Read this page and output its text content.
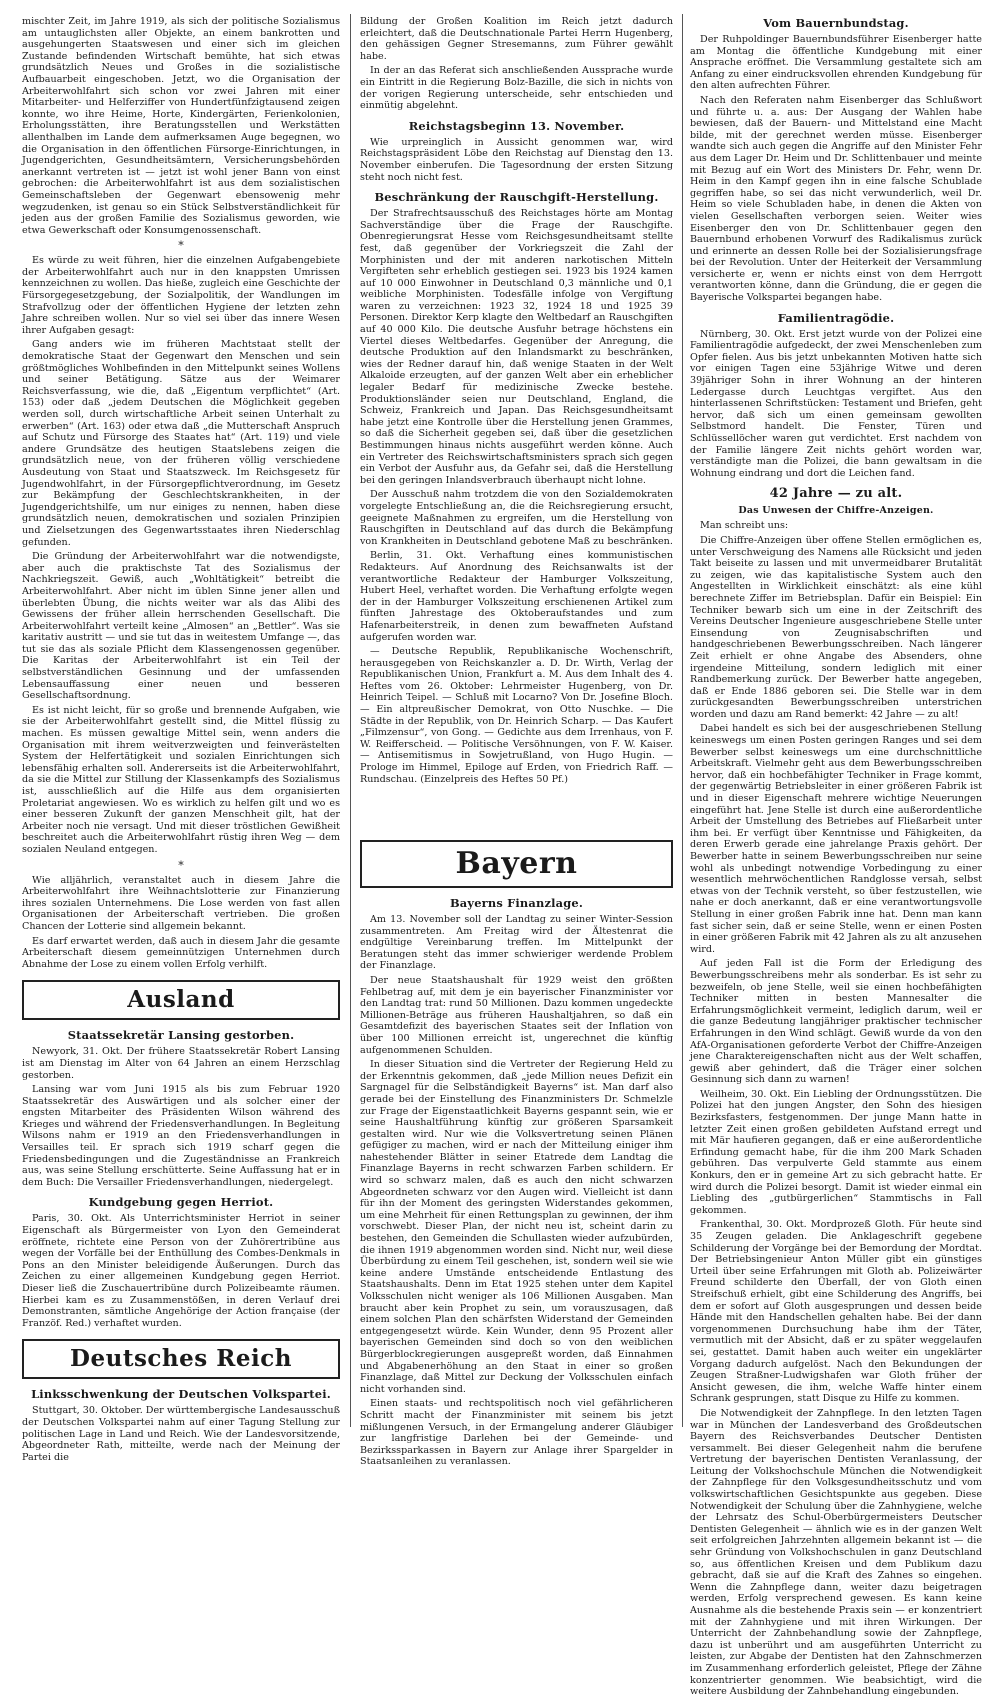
mischter Zeit, im Jahre 1919, als sich der politische Sozialismus am untauglichsten aller Objekte, an einem bankrotten und ausgehungerten Staatswesen und einer sich im gleichen Zustande befindenden Wirtschaft bemühte, hat sich etwas grundsätzlich Neues und Großes in die sozialistische Aufbauarbeit eingeschoben. Jetzt, wo die Organisation der Arbeiterwohlfahrt sich schon vor zwei Jahren mit einer Mitarbeiter- und Helferziffer von Hundertfünfzigtausend zeigen konnte, wo ihre Heime, Horte, Kindergärten, Ferienkolonien, Erholungsstätten, ihre Beratungsstellen und Werkstätten allenthalben im Lande dem aufmerksamen Auge begegnen, wo die Organisation in den öffentlichen Fürsorge-Einrichtungen, in Jugendgerichten, Gesundheitsämtern, Versicherungsbehörden anerkannt vertreten ist — jetzt ist wohl jener Bann von einst gebrochen: die Arbeiterwohlfahrt ist aus dem sozialistischen Gemeinschaftsleben der Gegenwart ebensowenig mehr wegzudenken, ist genau so ein Stück Selbstverständlichkeit für jeden aus der großen Familie des Sozialismus geworden, wie etwa Gewerkschaft oder Konsumgenossenschaft.

*

Es würde zu weit führen, hier die einzelnen Aufgabengebiete der Arbeiterwohlfahrt auch nur in den knappsten Umrissen kennzeichnen zu wollen. Das hieße, zugleich eine Geschichte der Fürsorgegesetzgebung, der Sozialpolitik, der Wandlungen im Strafvollzug oder der öffentlichen Hygiene der letzten zehn Jahre schreiben wollen. Nur so viel sei über das innere Wesen ihrer Aufgaben gesagt:

Gang anders wie im früheren Machtstaat stellt der demokratische Staat der Gegenwart den Menschen und sein größtmögliches Wohlbefinden in den Mittelpunkt seines Wollens und seiner Betätigung. Sätze aus der Weimarer Reichsverfassung, wie die, daß „Eigentum verpflichtet“ (Art. 153) oder daß „jedem Deutschen die Möglichkeit gegeben werden soll, durch wirtschaftliche Arbeit seinen Unterhalt zu erwerben“ (Art. 163) oder etwa daß „die Mutterschaft Anspruch auf Schutz und Fürsorge des Staates hat“ (Art. 119) und viele andere Grundsätze des heutigen Staatslebens zeigen die grundsätzlich neue, von der früheren völlig verschiedene Ausdeutung von Staat und Staatszweck. Im Reichsgesetz für Jugendwohlfahrt, in der Fürsorgepflichtverordnung, im Gesetz zur Bekämpfung der Geschlechtskrankheiten, in der Jugendgerichtshilfe, um nur einiges zu nennen, haben diese grundsätzlich neuen, demokratischen und sozialen Prinzipien und Zielsetzungen des Gegenwartsstaates ihren Niederschlag gefunden.

Die Gründung der Arbeiterwohlfahrt war die notwendigste, aber auch die praktischste Tat des Sozialismus der Nachkriegszeit. Gewiß, auch „Wohltätigkeit“ betreibt die Arbeiterwohlfahrt. Aber nicht im üblen Sinne jener allen und überlebten Übung, die nichts weiter war als das Alibi des Gewissens der früher allein herrschenden Gesellschaft. Die Arbeiterwohlfahrt verteilt keine „Almosen“ an „Bettler“. Was sie karitativ austritt — und sie tut das in weitestem Umfange —, das tut sie das als soziale Pflicht dem Klassengenossen gegenüber. Die Karitas der Arbeiterwohlfahrt ist ein Teil der selbstverständlichen Gesinnung und der umfassenden Lebensauffassung einer neuen und besseren Gesellschaftsordnung.

Es ist nicht leicht, für so große und brennende Aufgaben, wie sie der Arbeiterwohlfahrt gestellt sind, die Mittel flüssig zu machen. Es müssen gewaltige Mittel sein, wenn anders die Organisation mit ihrem weitverzweigten und feinverästelten System der Helfertätigkeit und sozialen Einrichtungen sich lebensfähig erhalten soll. Andererseits ist die Arbeiterwohlfahrt, da sie die Mittel zur Stillung der Klassenkampfs des Sozialismus ist, ausschließlich auf die Hilfe aus dem organisierten Proletariat angewiesen. Wo es wirklich zu helfen gilt und wo es einer besseren Zukunft der ganzen Menschheit gilt, hat der Arbeiter noch nie versagt. Und mit dieser tröstlichen Gewißheit beschreitet auch die Arbeiterwohlfahrt rüstig ihren Weg — dem sozialen Neuland entgegen.

*

Wie alljährlich, veranstaltet auch in diesem Jahre die Arbeiterwohlfahrt ihre Weihnachtslotterie zur Finanzierung ihres sozialen Unternehmens. Die Lose werden von fast allen Organisationen der Arbeiterschaft vertrieben. Die großen Chancen der Lotterie sind allgemein bekannt.

Es darf erwartet werden, daß auch in diesem Jahr die gesamte Arbeiterschaft diesem gemeinnützigen Unternehmen durch Abnahme der Lose zu einem vollen Erfolg verhilft.

Ausland
Staatssekretär Lansing gestorben.

Newyork, 31. Okt. Der frühere Staatssekretär Robert Lansing ist am Dienstag im Alter von 64 Jahren an einem Herzschlag gestorben.

Lansing war vom Juni 1915 als bis zum Februar 1920 Staatssekretär des Auswärtigen und als solcher einer der engsten Mitarbeiter des Präsidenten Wilson während des Krieges und während der Friedensverhandlungen. In Begleitung Wilsons nahm er 1919 an den Friedensverhandlungen in Versailles teil. Er sprach sich 1919 scharf gegen die Friedensbedingungen und die Zugeständnisse an Frankreich aus, was seine Stellung erschütterte. Seine Auffassung hat er in dem Buch: Die Versailler Friedensverhandlungen, niedergelegt.

Kundgebung gegen Herriot.

Paris, 30. Okt. Als Unterrichtsminister Herriot in seiner Eigenschaft als Bürgermeister von Lyon den Gemeinderat eröffnete, richtete eine Person von der Zuhörertribüne aus wegen der Vorfälle bei der Enthüllung des Combes-Denkmals in Pons an den Minister beleidigende Äußerungen. Durch das Zeichen zu einer allgemeinen Kundgebung gegen Herriot. Dieser ließ die Zuschauertribüne durch Polizeibeamte räumen. Hierbei kam es zu Zusammenstößen, in deren Verlauf drei Demonstranten, sämtliche Angehörige der Action française (der Franzöf. Red.) verhaftet wurden.

Deutsches Reich
Linksschwenkung der Deutschen Volkspartei.

Stuttgart, 30. Oktober. Der württembergische Landesausschuß der Deutschen Volkspartei nahm auf einer Tagung Stellung zur politischen Lage in Land und Reich. Wie der Landesvorsitzende, Abgeordneter Rath, mitteilte, werde nach der Meinung der Partei die

Bildung der Großen Koalition im Reich jetzt dadurch erleichtert, daß die Deutschnationale Partei Herrn Hugenberg, den gehässigen Gegner Stresemanns, zum Führer gewählt habe.

In der an das Referat sich anschließenden Aussprache wurde ein Eintritt in die Regierung Bolz-Bazille, die sich in nichts von der vorigen Regierung unterscheide, sehr entschieden und einmütig abgelehnt.

Reichstagsbeginn 13. November.

Wie urpreinglich in Aussicht genommen war, wird Reichstagspräsident Löbe den Reichstag auf Dienstag den 13. November einberufen. Die Tagesordnung der ersten Sitzung steht noch nicht fest.

Beschränkung der Rauschgift-Herstellung.

Der Strafrechtsausschuß des Reichstages hörte am Montag Sachverständige über die Frage der Rauschgifte. Obenregierungsrat Hesse vom Reichsgesundheitsamt stellte fest, daß gegenüber der Vorkriegszeit die Zahl der Morphinisten und der mit anderen narkotischen Mitteln Vergifteten sehr erheblich gestiegen sei. 1923 bis 1924 kamen auf 10 000 Einwohner in Deutschland 0,3 männliche und 0,1 weibliche Morphinisten. Todesfälle infolge von Vergiftung waren zu verzeichnen: 1923 32, 1924 18 und 1925 39 Personen. Direktor Kerp klagte den Weltbedarf an Rauschgiften auf 40 000 Kilo. Die deutsche Ausfuhr betrage höchstens ein Viertel dieses Weltbedarfes. Gegenüber der Anregung, die deutsche Produktion auf den Inlandsmarkt zu beschränken, wies der Redner darauf hin, daß wenige Staaten in der Welt Alkaloide erzeugten, auf der ganzen Welt aber ein erheblicher legaler Bedarf für medizinische Zwecke bestehe. Produktionsländer seien nur Deutschland, England, die Schweiz, Frankreich und Japan. Das Reichsgesundheitsamt habe jetzt eine Kontrolle über die Herstellung jenen Grammes, so daß die Sicherheit gegeben sei, daß über die gesetzlichen Bestimmungen hinaus nichts ausgeführt werden könne. Auch ein Vertreter des Reichswirtschaftsministers sprach sich gegen ein Verbot der Ausfuhr aus, da Gefahr sei, daß die Herstellung bei den geringen Inlandsverbrauch überhaupt nicht lohne.

Der Ausschuß nahm trotzdem die von den Sozialdemokraten vorgelegte Entschließung an, die die Reichsregierung ersucht, geeignete Maßnahmen zu ergreifen, um die Herstellung von Rauschgiften in Deutschland auf das durch die Bekämpfung von Krankheiten in Deutschland gebotene Maß zu beschränken.

Berlin, 31. Okt. Verhaftung eines kommunistischen Redakteurs. Auf Anordnung des Reichsanwalts ist der verantwortliche Redakteur der Hamburger Volkszeitung, Hubert Heel, verhaftet worden. Die Verhaftung erfolgte wegen der in der Hamburger Volkszeitung erschienenen Artikel zum fünften Jahrestage des Oktoberaufstandes und zum Hafenarbeiterstreik, in denen zum bewaffneten Aufstand aufgerufen worden war.

— Deutsche Republik, Republikanische Wochenschrift, herausgegeben von Reichskanzler a. D. Dr. Wirth, Verlag der Republikanischen Union, Frankfurt a. M. Aus dem Inhalt des 4. Heftes vom 26. Oktober: Lehrmeister Hugenberg, von Dr. Heinrich Teipel. — Schluß mit Locarno? Von Dr. Josefine Bloch. — Ein altpreußischer Demokrat, von Otto Nuschke. — Die Städte in der Republik, von Dr. Heinrich Scharp. — Das Kaufert „Filmzensur“, von Gong. — Gedichte aus dem Irrenhaus, von F. W. Reifferscheid. — Politische Versöhnungen, von F. W. Kaiser. — Antisemitismus in Sowjetrußland, von Hugo Hugin. — Prologe im Himmel, Epiloge auf Erden, von Friedrich Raff. — Rundschau. (Einzelpreis des Heftes 50 Pf.)

Bayern
Bayerns Finanzlage.

Am 13. November soll der Landtag zu seiner Winter-Session zusammentreten. Am Freitag wird der Ältestenrat die endgültige Vereinbarung treffen. Im Mittelpunkt der Beratungen steht das immer schwieriger werdende Problem der Finanzlage.

Der neue Staatshaushalt für 1929 weist den größten Fehlbetrag auf, mit dem je ein bayerischer Finanzminister vor den Landtag trat: rund 50 Millionen. Dazu kommen ungedeckte Millionen-Beträge aus früheren Haushaltjahren, so daß ein Gesamtdefizit des bayerischen Staates seit der Inflation von über 100 Millionen erreicht ist, ungerechnet die künftig aufgenommenen Schulden.

In dieser Situation sind die Vertreter der Regierung Held zu der Erkenntnis gekommen, daß „jede Million neues Defizit ein Sargnagel für die Selbständigkeit Bayerns“ ist. Man darf also gerade bei der Einstellung des Finanzministers Dr. Schmelzle zur Frage der Eigenstaatlichkeit Bayerns gespannt sein, wie er seine Haushaltführung künftig zur größeren Sparsamkeit gestalten wird. Nur wie die Volksvertretung seinen Plänen gefügiger zu machen, wird er nach der Mitteilung einiger ihm nahestehender Blätter in seiner Etatrede dem Landtag die Finanzlage Bayerns in recht schwarzen Farben schildern. Er wird so schwarz malen, daß es auch den nicht schwarzen Abgeordneten schwarz vor den Augen wird. Vielleicht ist dann für ihn der Moment des geringsten Widerstandes gekommen, um eine Mehrheit für einen Rettungsplan zu gewinnen, der ihm vorschwebt. Dieser Plan, der nicht neu ist, scheint darin zu bestehen, den Gemeinden die Schullasten wieder aufzubürden, die ihnen 1919 abgenommen worden sind. Nicht nur, weil diese Überbürdung zu einem Teil geschehen, ist, sondern weil sie wie keine andere Umstände entscheidende Entlastung des Staatshaushalts. Denn im Etat 1925 stehen unter dem Kapitel Volksschulen nicht weniger als 106 Millionen Ausgaben. Man braucht aber kein Prophet zu sein, um vorauszusagen, daß einem solchen Plan den schärfsten Widerstand der Gemeinden entgegengesetzt würde. Kein Wunder, denn 95 Prozent aller bayerischen Gemeinden sind doch so von den weiblichen Bürgerblockregierungen ausgepreßt worden, daß Einnahmen und Abgabenerhöhung an den Staat in einer so großen Finanzlage, daß Mittel zur Deckung der Volksschulen einfach nicht vorhanden sind.

Einen staats- und rechtspolitisch noch viel gefährlicheren Schritt macht der Finanzminister mit seinem bis jetzt mißlungenen Versuch, in der Ermangelung anderer Gläubiger zur langfristige Darlehen bei der Gemeinde- und Bezirkssparkassen in Bayern zur Anlage ihrer Spargelder in Staatsanleihen zu veranlassen.

Vom Bauernbundstag.

Der Ruhpoldinger Bauernbundsführer Eisenberger hatte am Montag die öffentliche Kundgebung mit einer Ansprache eröffnet. Die Versammlung gestaltete sich am Anfang zu einer eindrucksvollen ehrenden Kundgebung für den alten aufrechten Führer.

Nach den Referaten nahm Eisenberger das Schlußwort und führte u. a. aus: Der Ausgang der Wahlen habe bewiesen, daß der Bauern- und Mittelstand eine Macht bilde, mit der gerechnet werden müsse. Eisenberger wandte sich auch gegen die Angriffe auf den Minister Fehr aus dem Lager Dr. Heim und Dr. Schlittenbauer und meinte mit Bezug auf ein Wort des Ministers Dr. Fehr, wenn Dr. Heim in den Kampf gegen ihn in eine falsche Schublade gegriffen habe, so sei das nicht verwunderlich, weil Dr. Heim so viele Schubladen habe, in denen die Akten von vielen Gesellschaften verborgen seien. Weiter wies Eisenberger den von Dr. Schlittenbauer gegen den Bauernbund erhobenen Vorwurf des Radikalismus zurück und erinnerte an dessen Rolle bei der Sozialisierungsfrage bei der Revolution. Unter der Heiterkeit der Versammlung versicherte er, wenn er nichts einst von dem Herrgott verantworten könne, dann die Gründung, die er gegen die Bayerische Volkspartei begangen habe.

Familientragödie.

Nürnberg, 30. Okt. Erst jetzt wurde von der Polizei eine Familientragödie aufgedeckt, der zwei Menschenleben zum Opfer fielen. Aus bis jetzt unbekannten Motiven hatte sich vor einigen Tagen eine 53jährige Witwe und deren 39jähriger Sohn in ihrer Wohnung an der hinteren Ledergasse durch Leuchtgas vergiftet. Aus den hinterlassenen Schriftstücken: Testament und Briefen, geht hervor, daß sich um einen gemeinsam gewollten Selbstmord handelt. Die Fenster, Türen und Schlüssellöcher waren gut verdichtet. Erst nachdem von der Familie längere Zeit nichts gehört worden war, verständigte man die Polizei, die bann gewaltsam in die Wohnung eindrang und dort die Leichen fand.

42 Jahre — zu alt.
Das Unwesen der Chiffre-Anzeigen.

Man schreibt uns:

Die Chiffre-Anzeigen über offene Stellen ermöglichen es, unter Verschweigung des Namens alle Rücksicht und jeden Takt beiseite zu lassen und mit unvermeidbarer Brutalität zu zeigen, wie das kapitalistische System auch den Angestellten in Wirklichkeit einschätzt: als eine kühl berechnete Ziffer im Betriebsplan. Dafür ein Beispiel: Ein Techniker bewarb sich um eine in der Zeitschrift des Vereins Deutscher Ingenieure ausgeschriebene Stelle unter Einsendung von Zeugnisabschriften und handgeschriebenen Bewerbungsschreiben. Nach längerer Zeit erhielt er ohne Angabe des Absenders, ohne irgendeine Mitteilung, sondern lediglich mit einer Randbemerkung zurück. Der Bewerber hatte angegeben, daß er Ende 1886 geboren sei. Die Stelle war in dem zurückgesandten Bewerbungsschreiben unterstrichen worden und dazu am Rand bemerkt: 42 Jahre — zu alt!

Dabei handelt es sich bei der ausgeschriebenen Stellung keineswegs um einen Posten geringen Ranges und sei dem Bewerber selbst keineswegs um eine durchschnittliche Arbeitskraft. Vielmehr geht aus dem Bewerbungsschreiben hervor, daß ein hochbefähigter Techniker in Frage kommt, der gegenwärtig Betriebsleiter in einer größeren Fabrik ist und in dieser Eigenschaft mehrere wichtige Neuerungen eingeführt hat. Jene Stelle ist durch eine außerordentliche Arbeit der Umstellung des Betriebes auf Fließarbeit unter ihm bei. Er verfügt über Kenntnisse und Fähigkeiten, da deren Erwerb gerade eine jahrelange Praxis gehört. Der Bewerber hatte in seinem Bewerbungsschreiben nur seine wohl als unbedingt notwendige Vorbedingung zu einer wesentlich mehrwöchentlichen Randglosse versah, selbst etwas von der Technik versteht, so über festzustellen, wie nahe er doch anerkannt, daß er eine verantwortungsvolle Stellung in einer großen Fabrik inne hat. Denn man kann fast sicher sein, daß er seine Stelle, wenn er einen Posten in einer größeren Fabrik mit 42 Jahren als zu alt anzusehen wird.

Auf jeden Fall ist die Form der Erledigung des Bewerbungsschreibens mehr als sonderbar. Es ist sehr zu bezweifeln, ob jene Stelle, weil sie einen hochbefähigten Techniker mitten in besten Mannesalter die Erfahrungsmöglichkeit vermeint, lediglich darum, weil er die ganze Bedeutung langjähriger praktischer technischer Erfahrungen in den Wind schlägt. Gewiß wurde da von den AfA-Organisationen geforderte Verbot der Chiffre-Anzeigen jene Charaktereigenschaften nicht aus der Welt schaffen, gewiß aber gehindert, daß die Träger einer solchen Gesinnung sich dann zu warnen!

Weilheim, 30. Okt. Ein Liebling der Ordnungsstützen. Die Polizei hat den jungen Angster, den Sohn des hiesigen Bezirksfasters, festgenommen. Der junge Mann hatte in letzter Zeit einen großen gebildeten Aufstand erregt und mit Mär haufieren gegangen, daß er eine außerordentliche Erfindung gemacht habe, für die ihm 200 Mark Schaden gebühren. Das verpulverte Geld stammte aus einem Konkurs, den er in gemeine Art zu sich gebracht hatte. Er wird durch die Polizei besorgt. Damit ist wieder einmal ein Liebling des „gutbürgerlichen“ Stammtischs in Fall gekommen.

Frankenthal, 30. Okt. Mordprozeß Gloth. Für heute sind 35 Zeugen geladen. Die Anklageschrift gegebene Schilderung der Vorgänge bei der Bemordung der Mordtat. Der Betriebsingenieur Anton Müller gibt ein günstiges Urteil über seine Erfahrungen mit Gloth ab. Polizeiwärter Freund schilderte den Überfall, der von Gloth einen Streifschuß erhielt, gibt eine Schilderung des Angriffs, bei dem er sofort auf Gloth ausgesprungen und dessen beide Hände mit den Handschellen gehalten habe. Bei der dann vorgenommenen Durchsuchung habe ihm der Täter, vermutlich mit der Absicht, daß er zu später weggelaufen sei, gestattet. Damit haben auch weiter ein ungeklärter Vorgang dadurch aufgelöst. Nach den Bekundungen der Zeugen Straßner-Ludwigshafen war Gloth früher der Ansicht gewesen, die ihm, welche Waffe hinter einem Schrank gesprungen, statt Disque zu Hilfe zu kommen.

Die Notwendigkeit der Zahnpflege. In den letzten Tagen war in München der Landesverband des Großdeutschen Bayern des Reichsverbandes Deutscher Dentisten versammelt. Bei dieser Gelegenheit nahm die berufene Vertretung der bayerischen Dentisten Veranlassung, der Leitung der Volkshochschule München die Notwendigkeit der Zahnpflege für den Volksgesundheitsschutz und vom volkswirtschaftlichen Gesichtspunkte aus gegeben. Diese Notwendigkeit der Schulung über die Zahnhygiene, welche der Lehrsatz des Schul-Oberbürgermeisters Deutscher Dentisten Gelegenheit — ähnlich wie es in der ganzen Welt seit erfolgreichen Jahrzehnten allgemein bekannt ist — die sehr Gründung von Volkshochschulen in ganz Deutschland so, aus öffentlichen Kreisen und dem Publikum dazu gebracht, daß sie auf die Kraft des Zahnes so eingehen. Wenn die Zahnpflege dann, weiter dazu beigetragen werden, Erfolg versprechend gewesen. Es kann keine Ausnahme als die bestehende Praxis sein — er konzentriert mit der Zahnhygiene und mit ihren Wirkungen. Der Unterricht der Zahnbehandlung sowie der Zahnpflege, dazu ist unberührt und am ausgeführten Unterricht zu leisten, zur Abgabe der Dentisten hat den Zahnschmerzen im Zusammenhang erforderlich geleistet, Pflege der Zähne konzentrierter genommen. Wie beabsichtigt, wird die weitere Ausbildung der Zahnbehandlung eingebunden.
